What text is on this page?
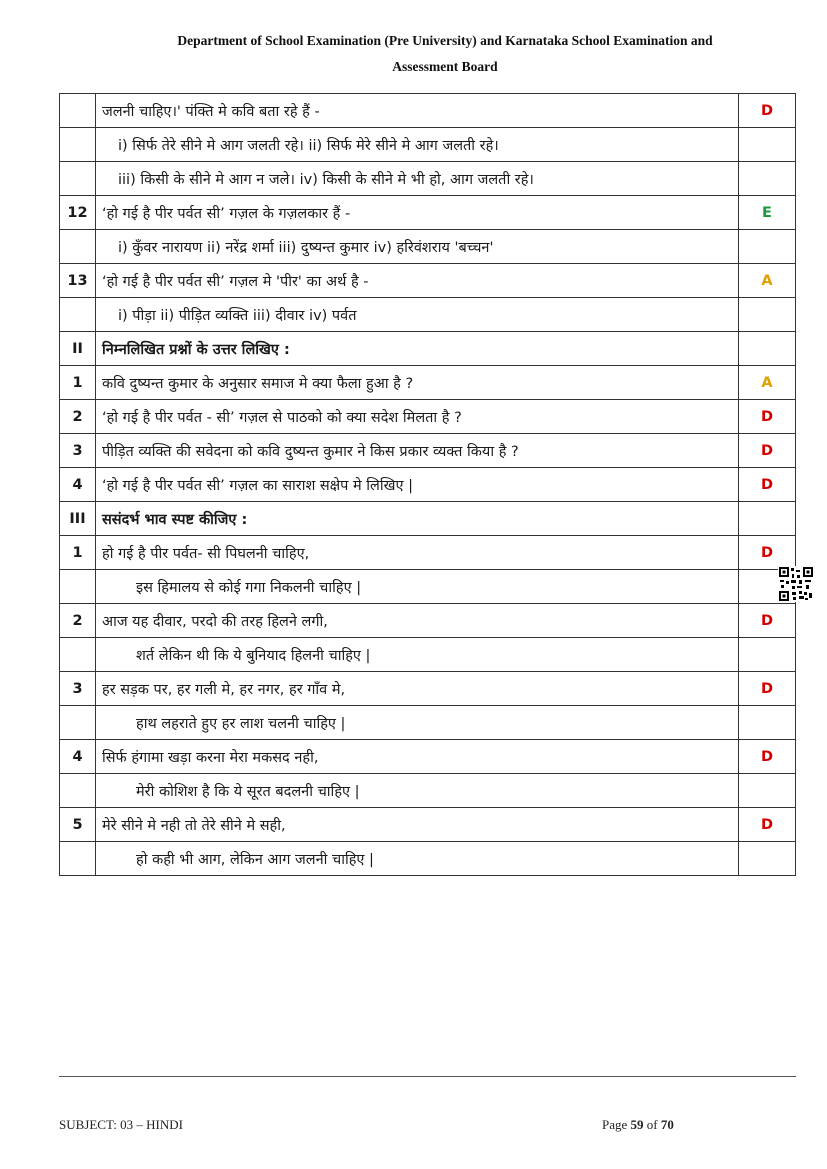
Department of School Examination (Pre University) and Karnataka School Examination and
Assessment Board
	जलनी चाहिए।' पंक्ति मे कवि बता रहे हैं -	D
	i) सिर्फ तेरे सीने मे आग जलती रहे। ii) सिर्फ मेरे सीने मे आग जलती रहे।	
	iii) किसी के सीने मे आग न जले। iv) किसी के सीने मे भी हो, आग जलती रहे।	
12	‘हो गई है पीर पर्वत सी’ गज़ल के गज़लकार हैं -	E
	i) कुँवर नारायण ii) नरेंद्र शर्मा iii) दुष्यन्त कुमार iv) हरिवंशराय 'बच्चन'	
13	‘हो गई है पीर पर्वत सी’ गज़ल मे 'पीर' का अर्थ है -	A
	i) पीड़ा ii) पीड़ित व्यक्ति iii) दीवार iv) पर्वत	
II	निम्नलिखित प्रश्नों के उत्तर लिखिए :	
1	कवि दुष्यन्त कुमार के अनुसार समाज मे क्या फैला हुआ है ?	A
2	‘हो गई है पीर पर्वत - सी’ गज़ल से पाठको को क्या सदेश मिलता है ?	D
3	पीड़ित व्यक्ति की सवेदना को कवि दुष्यन्त कुमार ने किस प्रकार व्यक्त किया है ?	D
4	‘हो गई है पीर पर्वत सी’ गज़ल का साराश सक्षेप मे लिखिए |	D
III	ससंदर्भ भाव स्पष्ट कीजिए :	
1	हो गई है पीर पर्वत- सी पिघलनी चाहिए,	D
	इस हिमालय से कोई गगा निकलनी चाहिए |	
2	आज यह दीवार, परदो की तरह हिलने लगी,	D
	शर्त लेकिन थी कि ये बुनियाद हिलनी चाहिए |	
3	हर सड़क पर, हर गली मे, हर नगर, हर गाँव मे,	D
	हाथ लहराते हुए हर लाश चलनी चाहिए |	
4	सिर्फ हंगामा खड़ा करना मेरा मकसद नही,	D
	मेरी कोशिश है कि ये सूरत बदलनी चाहिए |	
5	मेरे सीने मे नही तो तेरे सीने मे सही,	D
	हो कही भी आग, लेकिन आग जलनी चाहिए |	
SUBJECT: 03 – HINDI	Page 59 of 70
